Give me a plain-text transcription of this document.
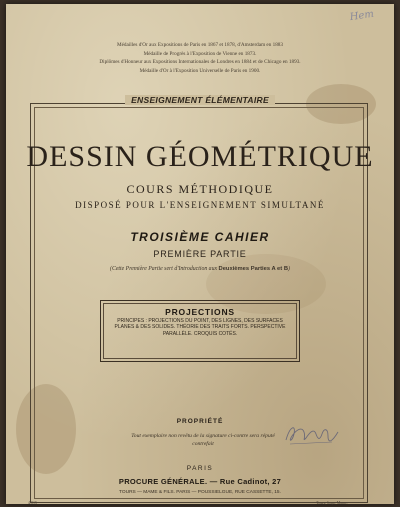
Hem
Médailles d'Or aux Expositions de Paris en 1867 et 1878, d'Amsterdam en 1883
Médaille de Progrès à l'Exposition de Vienne en 1873.
Diplômes d'Honneur aux Expositions Internationales de Londres en 1884 et de Chicago en 1893.
Médaille d'Or à l'Exposition Universelle de Paris en 1900.
ENSEIGNEMENT ÉLÉMENTAIRE
DESSIN GÉOMÉTRIQUE
COURS MÉTHODIQUE
DISPOSÉ POUR L'ENSEIGNEMENT SIMULTANÉ
TROISIÈME CAHIER
PREMIÈRE PARTIE
(Cette Première Partie sert d'Introduction aux Deuxièmes Parties A et B)
PROJECTIONS
PRINCIPES : PROJECTIONS DU POINT, DES LIGNES, DES SURFACES PLANES & DES SOLIDES. THÉORIE DES TRAITS FORTS. PERSPECTIVE PARALLÈLE. CROQUIS COTÉS.
PROPRIÉTÉ
Tout exemplaire non revêtu de la signature ci-contre sera réputé contrefait
PARIS
PROCURE GÉNÉRALE. — Rue Cadinot, 27
TOURS — MAME & FILS. PARIS — POUSSIELGUE, RUE CASSETTE, 15.
4.815	Tours, Impr. Mame.
